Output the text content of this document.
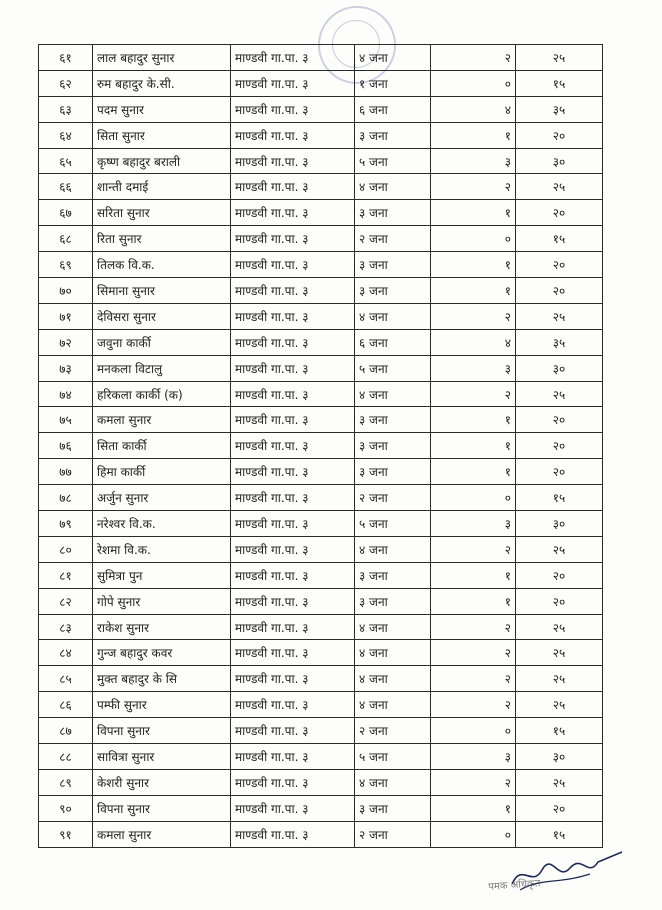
६१	लाल बहादुर सुनार	माण्डवी गा.पा. ३	४ जना	२	२५
६२	रुम बहादुर के.सी.	माण्डवी गा.पा. ३	१ जना	०	१५
६३	पदम सुनार	माण्डवी गा.पा. ३	६ जना	४	३५
६४	सिता सुनार	माण्डवी गा.पा. ३	३ जना	१	२०
६५	कृष्ण बहादुर बराली	माण्डवी गा.पा. ३	५ जना	३	३०
६६	शान्ती दमाई	माण्डवी गा.पा. ३	४ जना	२	२५
६७	सरिता सुनार	माण्डवी गा.पा. ३	३ जना	१	२०
६८	रिता सुनार	माण्डवी गा.पा. ३	२ जना	०	१५
६९	तिलक वि.क.	माण्डवी गा.पा. ३	३ जना	१	२०
७०	सिमाना सुनार	माण्डवी गा.पा. ३	३ जना	१	२०
७१	देविसरा सुनार	माण्डवी गा.पा. ३	४ जना	२	२५
७२	जवुना कार्की	माण्डवी गा.पा. ३	६ जना	४	३५
७३	मनकला विटालु	माण्डवी गा.पा. ३	५ जना	३	३०
७४	हरिकला कार्की (क)	माण्डवी गा.पा. ३	४ जना	२	२५
७५	कमला सुनार	माण्डवी गा.पा. ३	३ जना	१	२०
७६	सिता कार्की	माण्डवी गा.पा. ३	३ जना	१	२०
७७	हिमा कार्की	माण्डवी गा.पा. ३	३ जना	१	२०
७८	अर्जुन सुनार	माण्डवी गा.पा. ३	२ जना	०	१५
७९	नरेश्वर वि.क.	माण्डवी गा.पा. ३	५ जना	३	३०
८०	रेशमा वि.क.	माण्डवी गा.पा. ३	४ जना	२	२५
८१	सुमित्रा पुन	माण्डवी गा.पा. ३	३ जना	१	२०
८२	गोपे सुनार	माण्डवी गा.पा. ३	३ जना	१	२०
८३	राकेश सुनार	माण्डवी गा.पा. ३	४ जना	२	२५
८४	गुन्ज बहादुर कवर	माण्डवी गा.पा. ३	४ जना	२	२५
८५	मुक्त बहादुर के सि	माण्डवी गा.पा. ३	४ जना	२	२५
८६	पम्फी सुनार	माण्डवी गा.पा. ३	४ जना	२	२५
८७	विपना सुनार	माण्डवी गा.पा. ३	२ जना	०	१५
८८	सावित्रा सुनार	माण्डवी गा.पा. ३	५ जना	३	३०
८९	केशरी सुनार	माण्डवी गा.पा. ३	४ जना	२	२५
९०	विपना सुनार	माण्डवी गा.पा. ३	३ जना	१	२०
९१	कमला सुनार	माण्डवी गा.पा. ३	२ जना	०	१५
पमक अधिकृत
